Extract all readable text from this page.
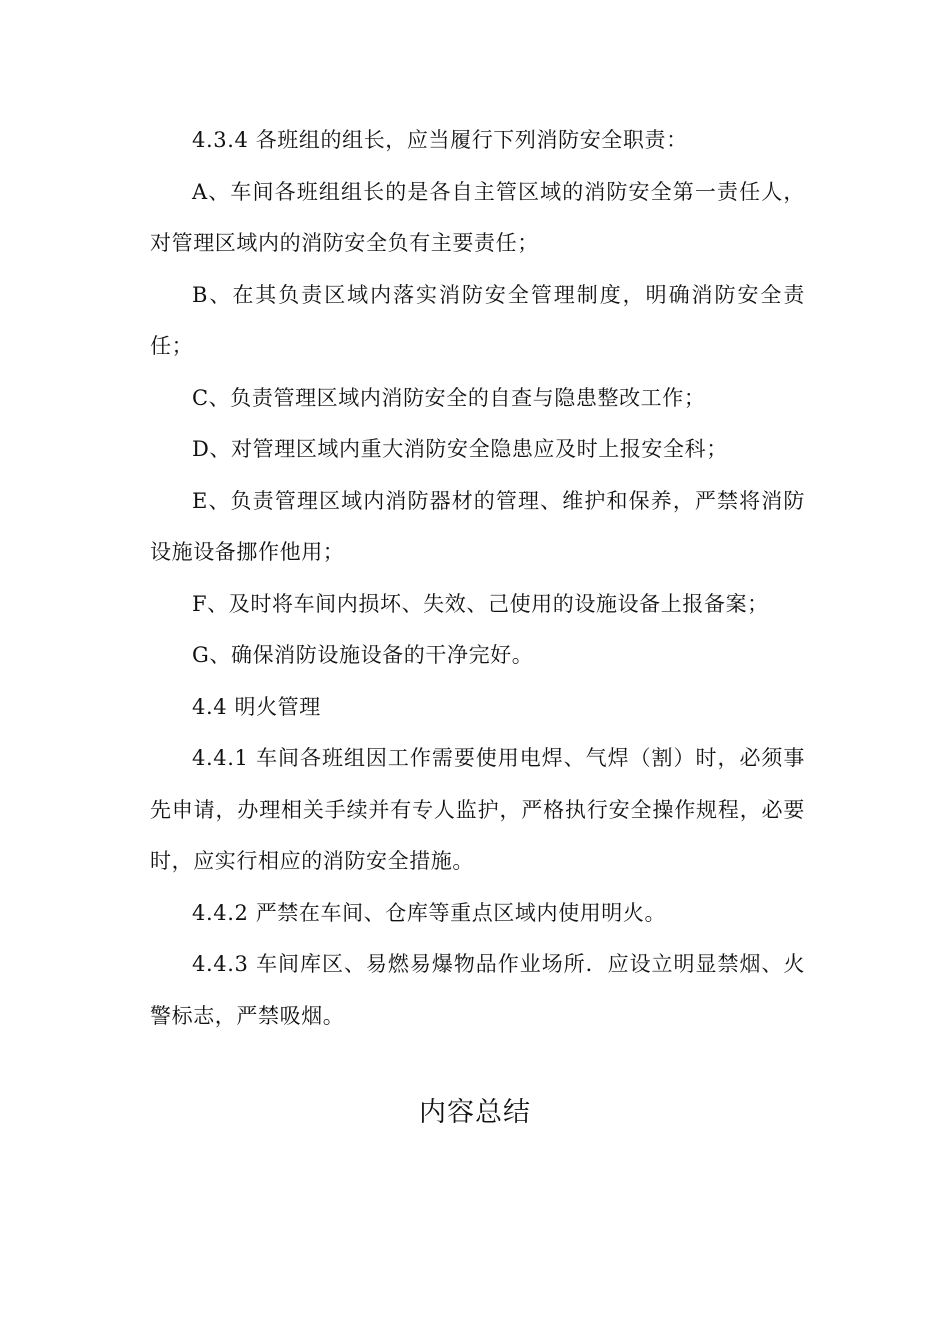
4.3.4 各班组的组长，应当履行下列消防安全职责：

A、车间各班组组长的是各自主管区域的消防安全第一责任人，对管理区域内的消防安全负有主要责任；

B、在其负责区域内落实消防安全管理制度，明确消防安全责任；

C、负责管理区域内消防安全的自查与隐患整改工作；

D、对管理区域内重大消防安全隐患应及时上报安全科；

E、负责管理区域内消防器材的管理、维护和保养，严禁将消防设施设备挪作他用；

F、及时将车间内损坏、失效、己使用的设施设备上报备案；

G、确保消防设施设备的干净完好。

4.4 明火管理

4.4.1 车间各班组因工作需要使用电焊、气焊（割）时，必须事先申请，办理相关手续并有专人监护，严格执行安全操作规程，必要时，应实行相应的消防安全措施。

4.4.2 严禁在车间、仓库等重点区域内使用明火。

4.4.3 车间库区、易燃易爆物品作业场所．应设立明显禁烟、火警标志，严禁吸烟。

内容总结
